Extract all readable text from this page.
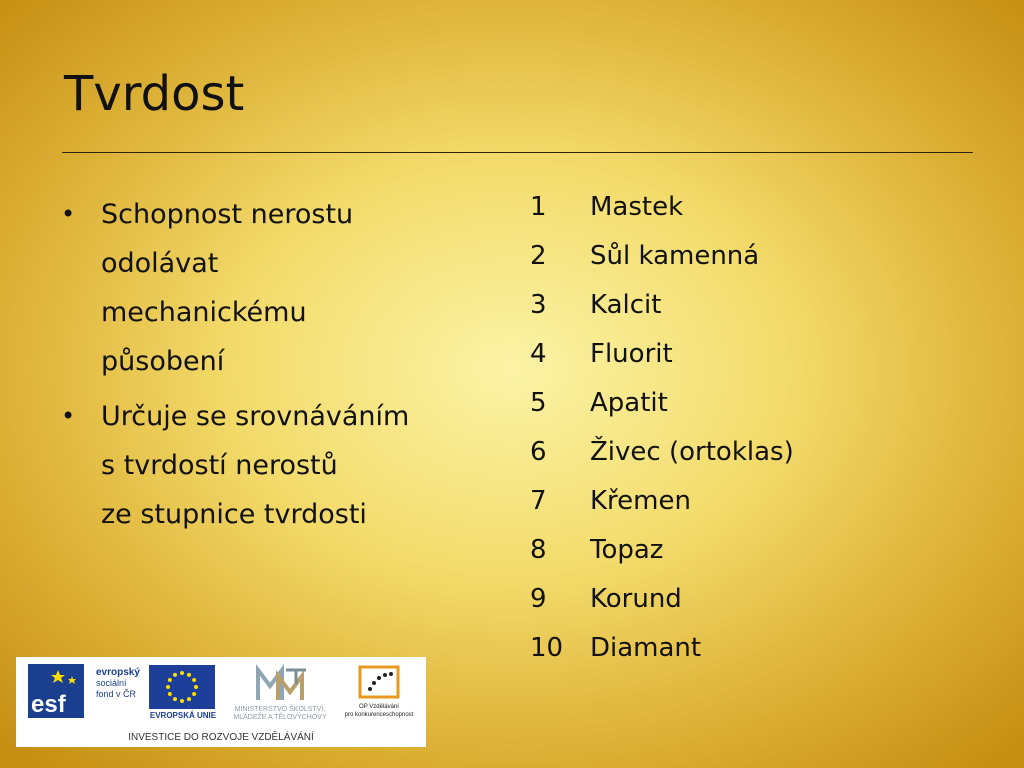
Tvrdost
• Schopnost nerostu
odolávat
mechanickému
působení
• Určuje se srovnáváním
s tvrdostí nerostů
ze stupnice tvrdosti
1	Mastek
2	Sůl kamenná
3	Kalcit
4	Fluorit
5	Apatit
6	Živec (ortoklas)
7	Křemen
8	Topaz
9	Korund
10	Diamant
esf
evropský
sociální
fond v ČR
EVROPSKÁ UNIE
MINISTERSTVO ŠKOLSTVÍ, MLÁDEŽE A TĚLOVÝCHOVY
OP Vzdělávání
pro konkurenceschopnost
INVESTICE DO ROZVOJE VZDĚLÁVÁNÍ
